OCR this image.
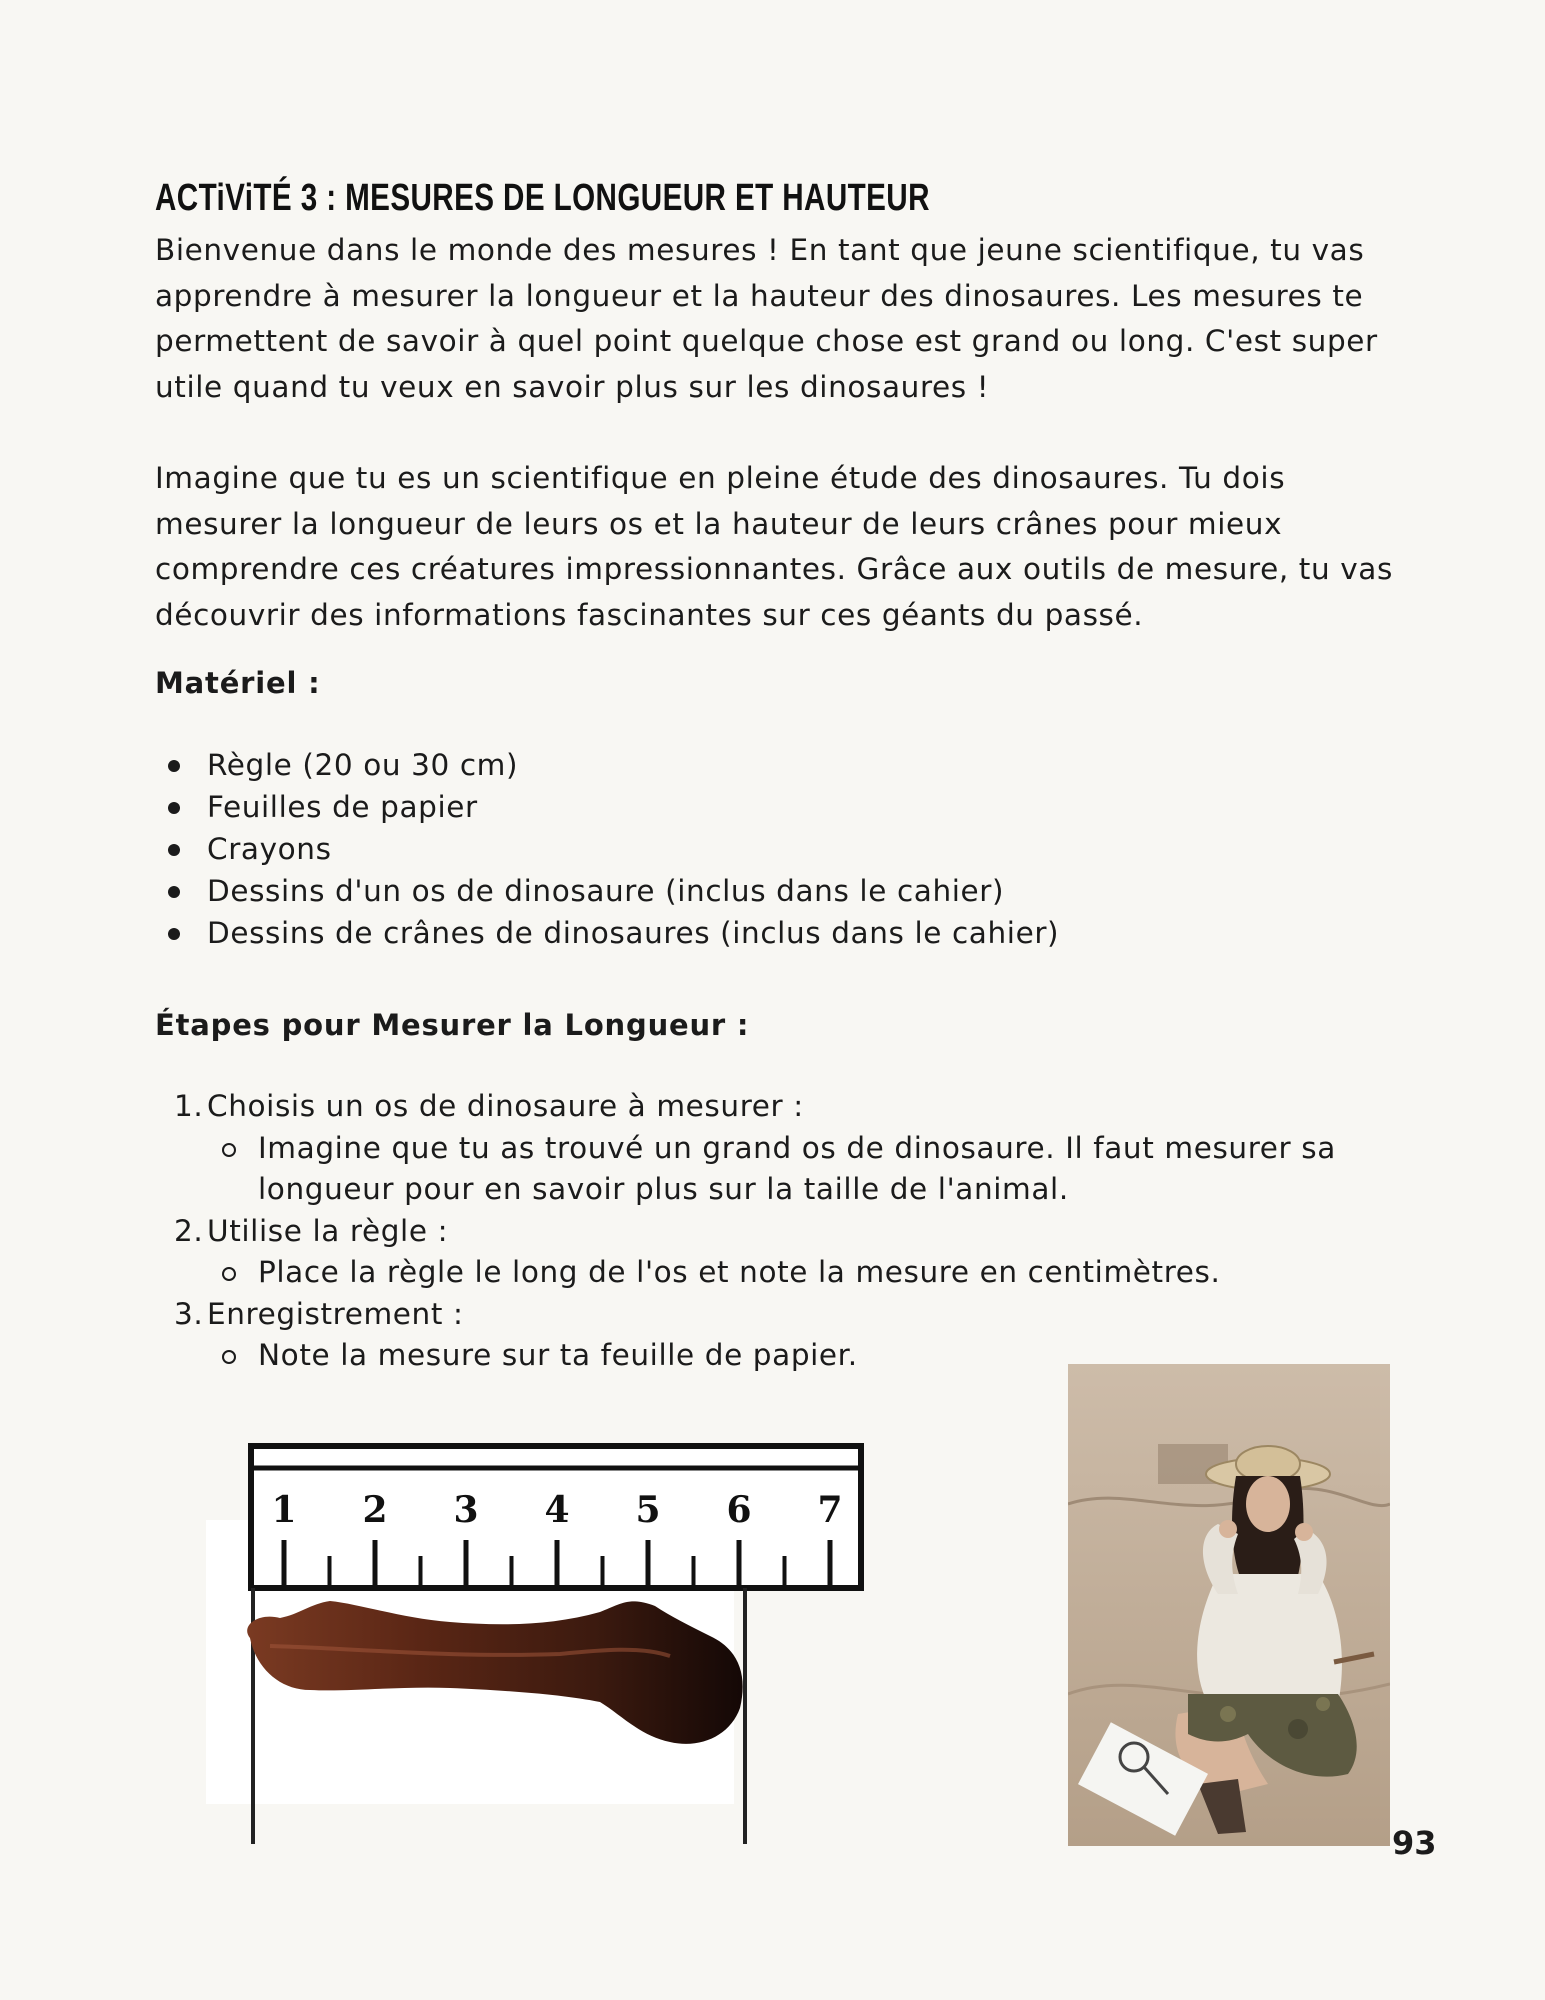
ACTiViTÉ 3 : MESURES DE LONGUEUR ET HAUTEUR

Bienvenue dans le monde des mesures ! En tant que jeune scientifique, tu vas apprendre à mesurer la longueur et la hauteur des dinosaures. Les mesures te permettent de savoir à quel point quelque chose est grand ou long. C'est super utile quand tu veux en savoir plus sur les dinosaures !

Imagine que tu es un scientifique en pleine étude des dinosaures. Tu dois mesurer la longueur de leurs os et la hauteur de leurs crânes pour mieux comprendre ces créatures impressionnantes. Grâce aux outils de mesure, tu vas découvrir des informations fascinantes sur ces géants du passé.

Matériel :
Règle (20 ou 30 cm)
Feuilles de papier
Crayons
Dessins d'un os de dinosaure (inclus dans le cahier)
Dessins de crânes de dinosaures (inclus dans le cahier)
Étapes pour Mesurer la Longueur :
1. Choisis un os de dinosaure à mesurer :
Imagine que tu as trouvé un grand os de dinosaure. Il faut mesurer sa longueur pour en savoir plus sur la taille de l'animal.
2. Utilise la règle :
Place la règle le long de l'os et note la mesure en centimètres.
3. Enregistrement :
Note la mesure sur ta feuille de papier.
1 2 3 4 5 6 7
93
